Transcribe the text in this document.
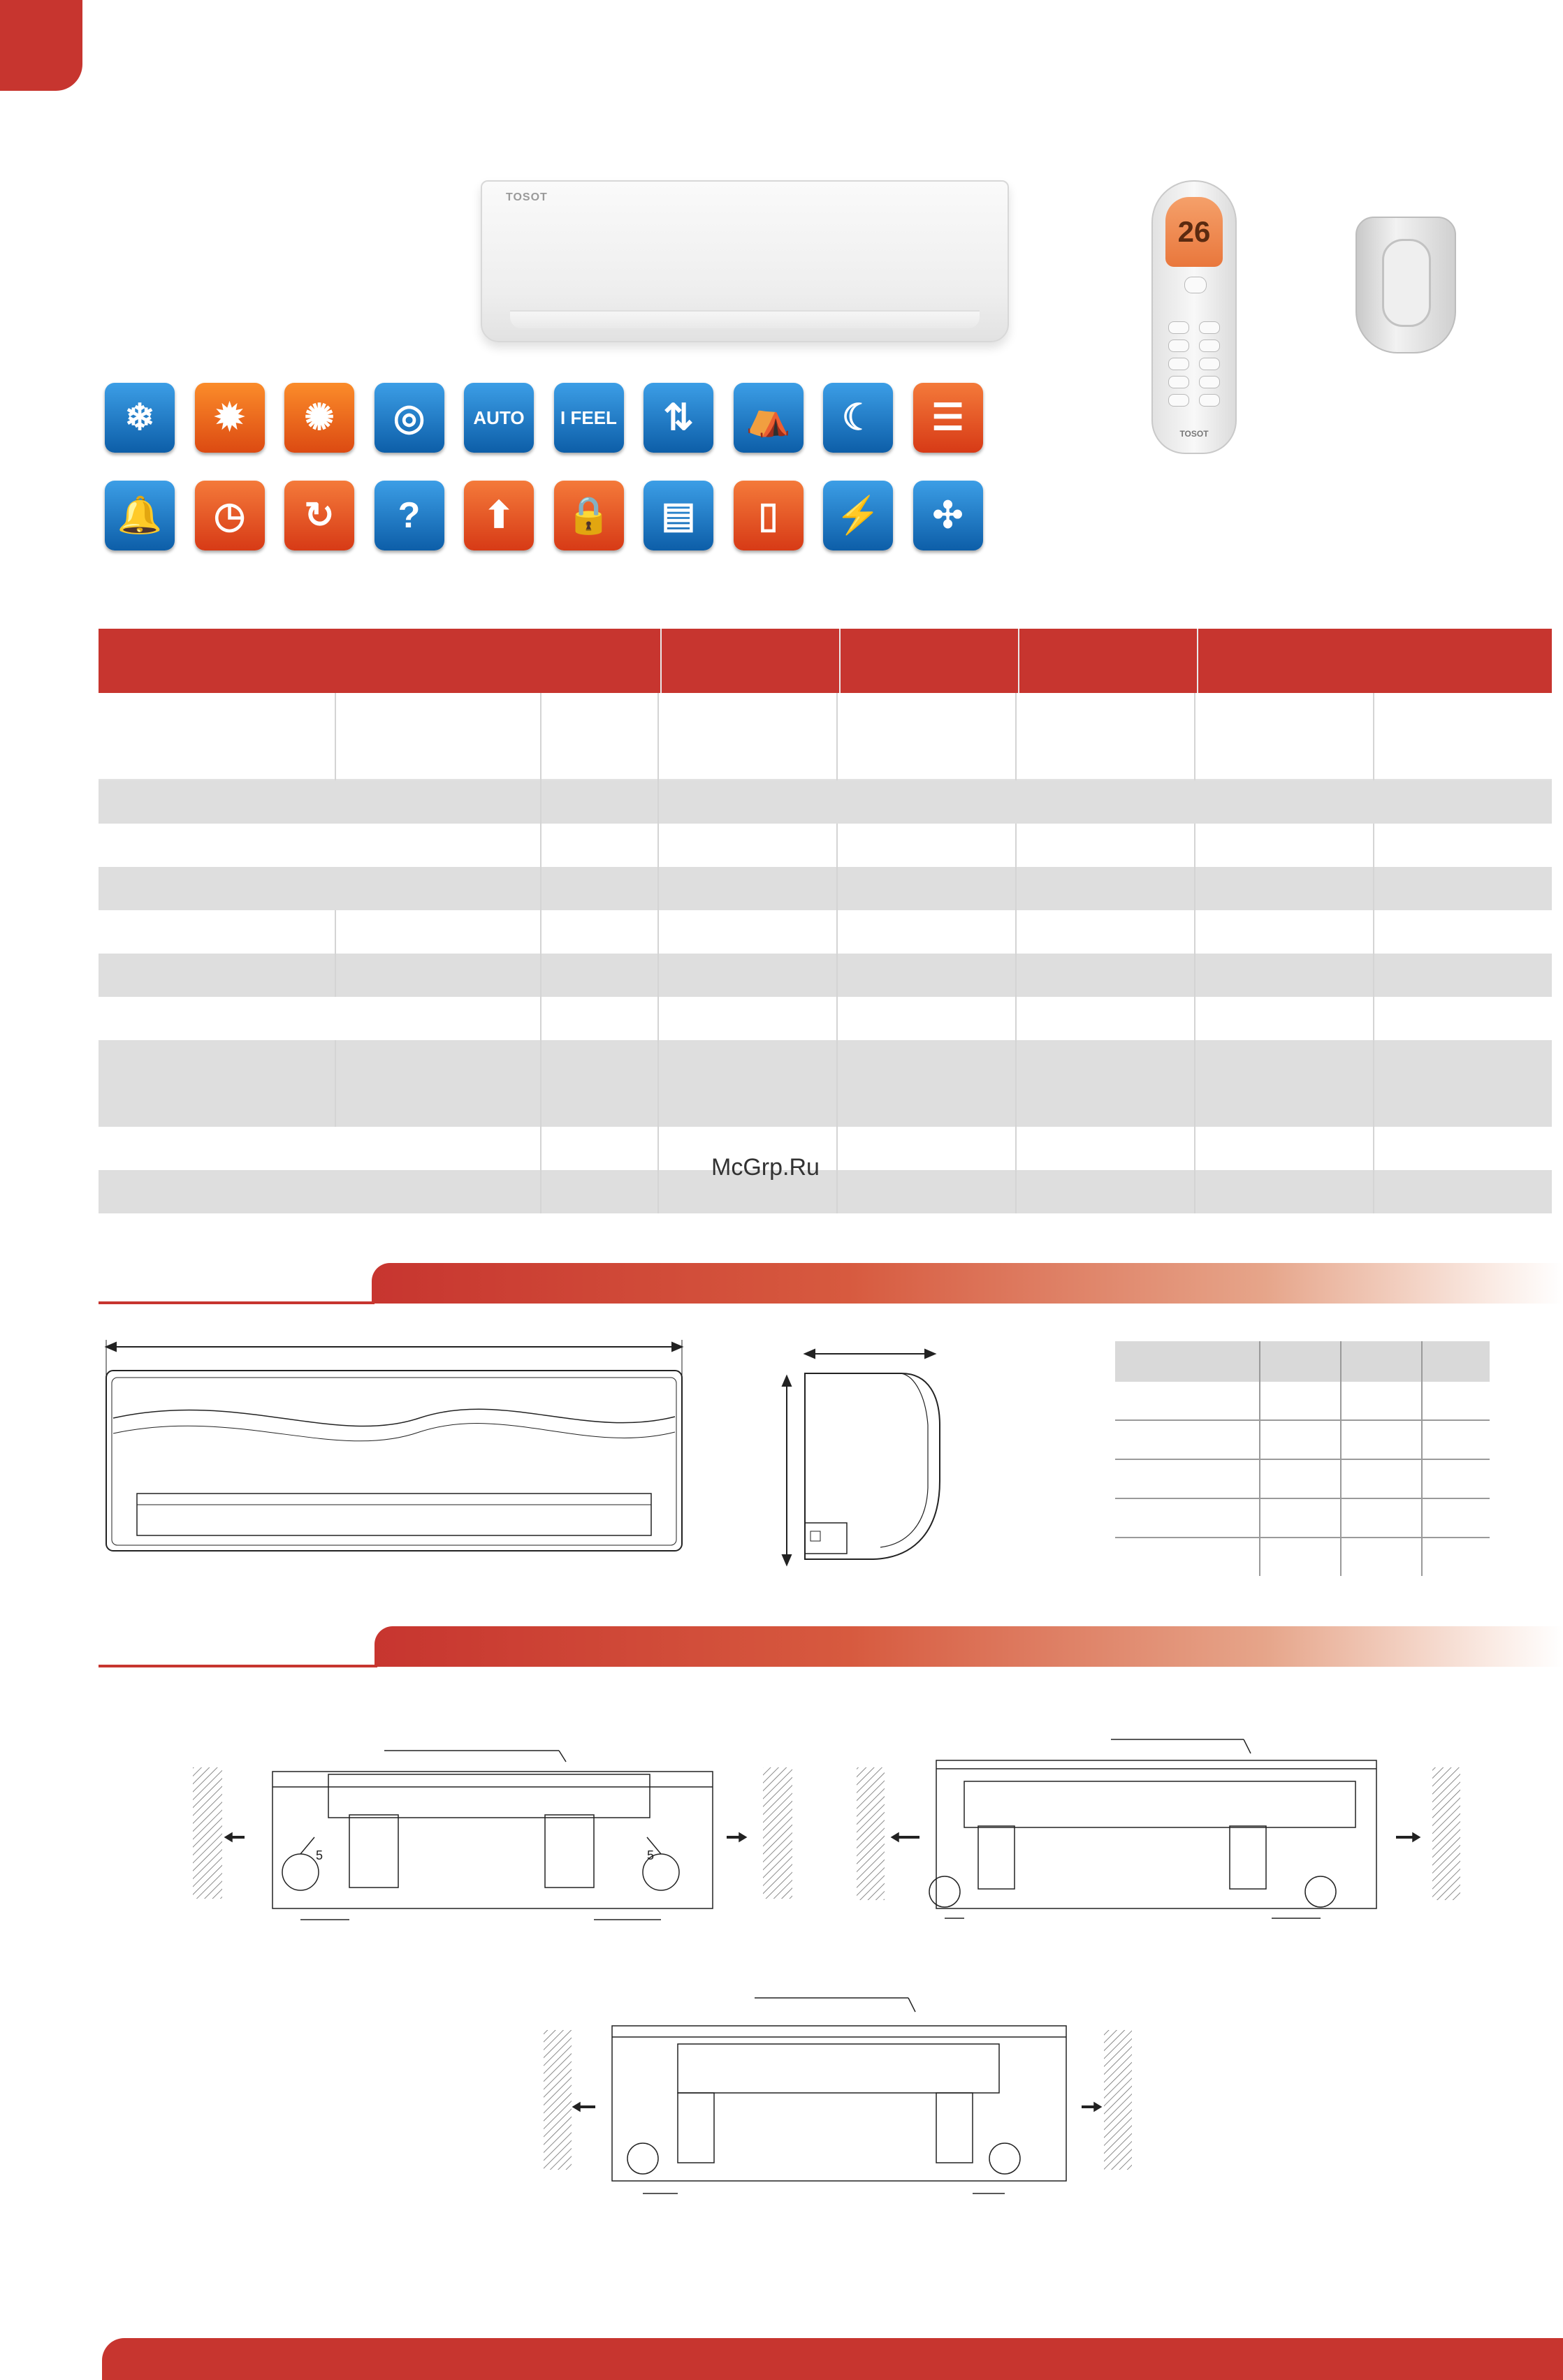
TOSOT
26
TOSOT
❄	✹	✺	◎	AUTO	I FEEL	⇅	⛺	☾	☰
🔔	◷	↻	?	⬆	🔒	▤	▯	⚡	✣
McGrp.Ru
5	5
